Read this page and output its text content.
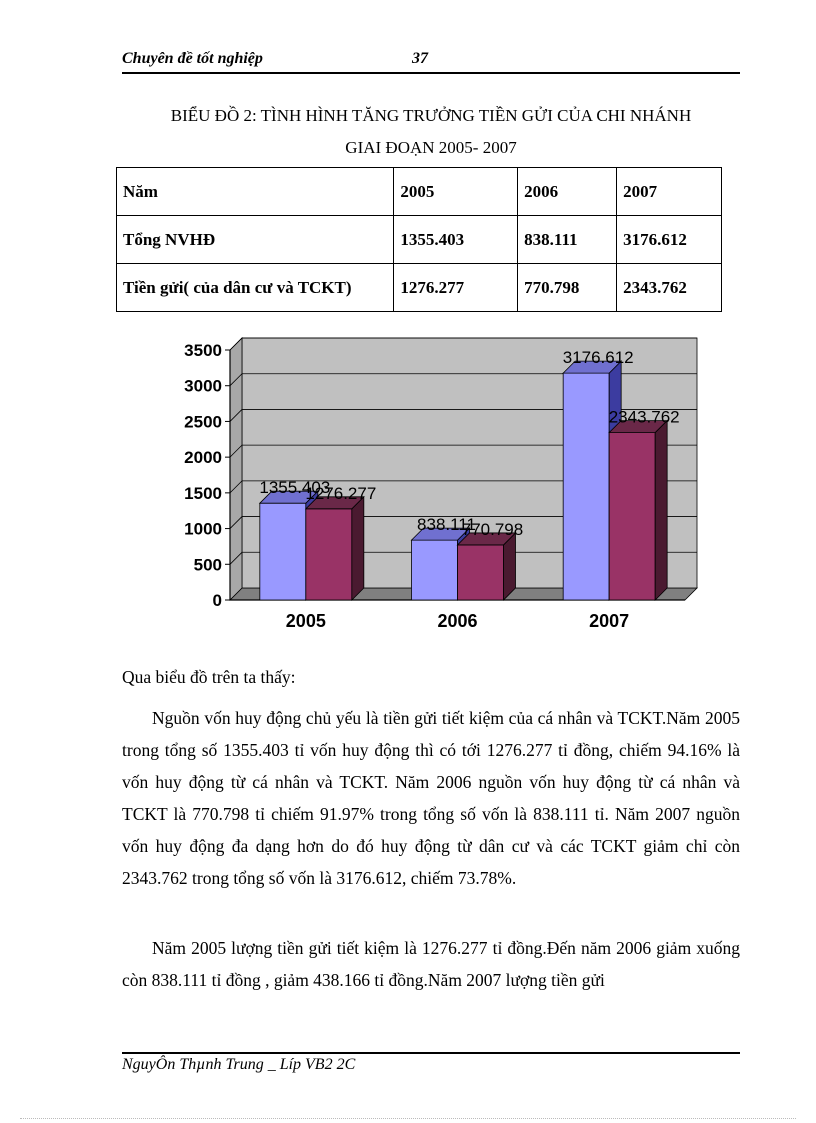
Chuyên đề tốt nghiệp	37
BIỂU ĐỒ 2: TÌNH HÌNH TĂNG TRƯỞNG TIỀN GỬI CỦA CHI NHÁNH
GIAI ĐOẠN 2005- 2007
Năm	2005	2006	2007
Tổng NVHĐ	1355.403	838.111	3176.612
Tiền gửi( của dân cư và TCKT)	1276.277	770.798	2343.762
0
500
1000
1500
2000
2500
3000
3500
1355.403
1276.277
2005
838.111
770.798
2006
3176.612
2343.762
2007
Qua biểu đồ trên ta thấy:
Nguồn vốn huy động chủ yếu là tiền gửi tiết kiệm của cá nhân và TCKT.Năm 2005 trong tổng số 1355.403 tỉ vốn huy động thì có tới 1276.277 tỉ đồng, chiếm 94.16% là vốn huy động từ cá nhân và TCKT. Năm 2006 nguồn vốn huy động từ cá nhân và TCKT là 770.798 tỉ chiếm 91.97% trong tổng số vốn là 838.111 tỉ. Năm 2007 nguồn vốn huy động đa dạng hơn do đó huy động từ dân cư và các TCKT giảm chỉ còn 2343.762 trong tổng số vốn là 3176.612, chiếm 73.78%.
Năm 2005 lượng tiền gửi tiết kiệm là 1276.277 tỉ đồng.Đến năm 2006 giảm xuống còn 838.111 tỉ đồng , giảm 438.166 tỉ đồng.Năm 2007 lượng tiền gửi
NguyÔn Thµnh Trung _ Líp VB2 2C
